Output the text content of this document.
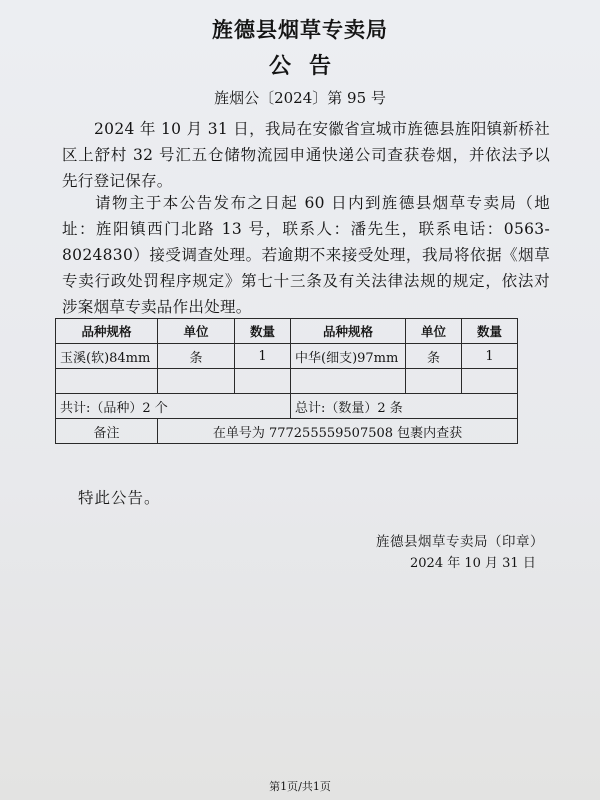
旌德县烟草专卖局
公告
旌烟公〔2024〕第 95 号
2024 年 10 月 31 日，我局在安徽省宣城市旌德县旌阳镇新桥社区上舒村 32 号汇五仓储物流园申通快递公司查获卷烟，并依法予以先行登记保存。
请物主于本公告发布之日起 60 日内到旌德县烟草专卖局（地址：旌阳镇西门北路 13 号，联系人：潘先生，联系电话：0563-8024830）接受调查处理。若逾期不来接受处理，我局将依据《烟草专卖行政处罚程序规定》第七十三条及有关法律法规的规定，依法对涉案烟草专卖品作出处理。
品种规格	单位	数量	品种规格	单位	数量
玉溪(软)84mm	条	1	中华(细支)97mm	条	1

共计:（品种）2 个			总计:（数量）2 条		
备注	在单号为 777255559507508 包裹内查获				
特此公告。
旌德县烟草专卖局（印章）
2024 年 10 月 31 日
第1页/共1页
